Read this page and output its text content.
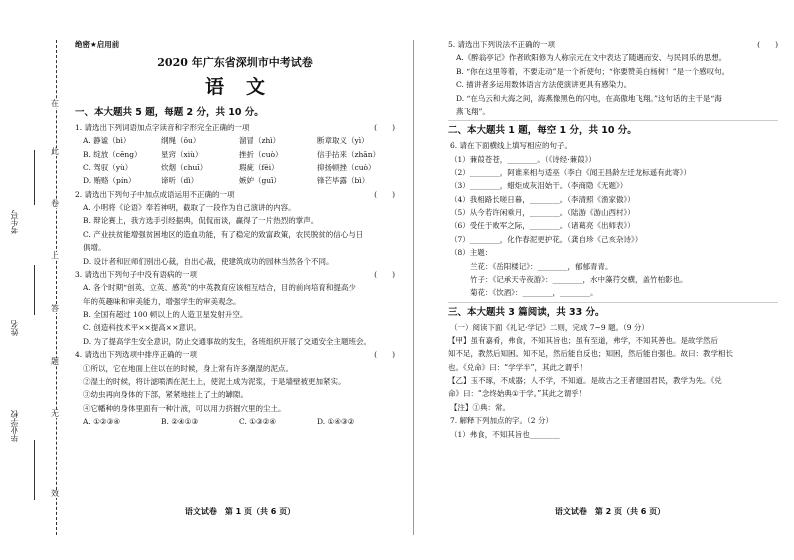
在
此
卷
上
答
题
无
效
考生号
姓名
毕业学校
绝密★启用前
2020 年广东省深圳市中考试卷
语文
一、本大题共 5 题，每题 2 分，共 10 分。
1. 请选出下列词语加点字读音和字形完全正确的一项	(　　)
A. 静谧（bì）	纲绳（ǒu）	溜冒（zhì）	断章取义（yì）
B. 绽放（cēng）	星窍（xiù）	挫折（cuò）	信手拈来（zhān）
C. 驾驭（yù）	炊烟（chuī）	瑕疵（fēi）	抑扬顿挫（cuò）
D. 贿赂（pín）	谛听（dì）	嫉妒（guī）	锋芒毕露（bì）
2. 请选出下列句子中加点成语运用不正确的一项	(　　)
A. 小明将《论语》奉若神明，截取了一段作为自己演讲的内容。
B. 辩论赛上，我方选手引经据典，侃侃而谈，赢得了一片热烈的掌声。
C. 产业扶贫能增强贫困地区的造血功能，有了稳定的致富政策，农民脱贫的信心与日
俱增。
D. 设计者和匠师们别出心裁，自出心裁，使建筑成功的园林当然各个不同。
3. 请选出下列句子中没有语病的一项	(　　)
A. 各个时期“创英、立英、感英”的中英教育应该相互结合，目的前向培育和提高少
年的英趣味和审美能力，增强学生的审美观念。
B. 全国有超过 100 顿以上的人造卫星发射升空。
C. 创造科技术平××提高××意识。
D. 为了提高学生安全意识，防止交通事故的发生，各班组织开展了交通安全主题班会。
4. 请选出下列选项中排序正确的一项	(　　)
①所以，它在地面上住以在的时候，身上常有许多潮湿的泥点。
②湿土的时候，将计滤喷洒在泥土上，使泥土成为泥浆，于是墙壁被更加紧实。
③幼虫再向身体的下部，紧紧地挂上了土的罅隙。
④它幡种的身体里面有一种汁液，可以用力挤掘穴里的尘土。
A. ①②③④	B. ②④①③	C. ①③②④	D. ①④③②
语文试卷　第 1 页（共 6 页）
5. 请选出下列说法不正确的一项	(　　)
A.《醉翁亭记》作者欧阳修为人称宗元在文中表达了随遇而安、与民同乐的思想。
B. “你在这里等着，不要走动”是一个祈使句；“你要赞美白杨树！”是一个感叹句。
C. 描讲者多运用数体语言方法使演讲更具有感染力。
D. “在乌云和大海之间，海燕像黑色的闪电，在高傲地飞翔。”这句话的主干是“海
燕飞翔”。
二、本大题共 1 题，每空 1 分，共 10 分。
6. 请在下面横线上填写相应的句子。
（1）蒹葭苍苍，________。（《诗经·蒹葭》）
（2）________，阿谁来相与适巫（李白《闻王昌龄左迁龙标遥有此寄》）
（3）________，蜡炬成灰泪始干。（李商隐《无题》）
（4）我相路长嗟日暮，________。（李清照《渔家傲》）
（5）从今若许闲乘月，________。（陆游《游山西村》）
（6）受任于败军之际，________。（诸葛亮《出师表》）
（7）________，化作春泥更护花。（龚自珍《己亥杂诗》）
（8）主题：
兰花：《岳阳楼记》：________，郁郁青青。
竹子：《记承天寺夜游》：________，水中藻荇交横，盖竹柏影也。
菊花：《饮酒》：________，________。
三、本大题共 3 篇阅读，共 33 分。
（一）阅读下面《礼记·学记》二则，完成 7~9 题。（9 分）
【甲】虽有嘉肴，弗食，不知其旨也；虽有至道，弗学，不知其善也。是故学然后
知不足，教然后知困。知不足，然后能自反也；知困，然后能自强也。故曰：教学相长
也。《兑命》曰：“学学半”，其此之谓乎！
【乙】玉不琢，不成器；人不学，不知道。是故古之王者建国君民，教学为先。《兑
命》曰：“念终始典①于学。”其此之谓乎！
【注】①典：常。
7. 解释下列加点的字。（2 分）
（1）弗食，不知其旨也________
语文试卷　第 2 页（共 6 页）
